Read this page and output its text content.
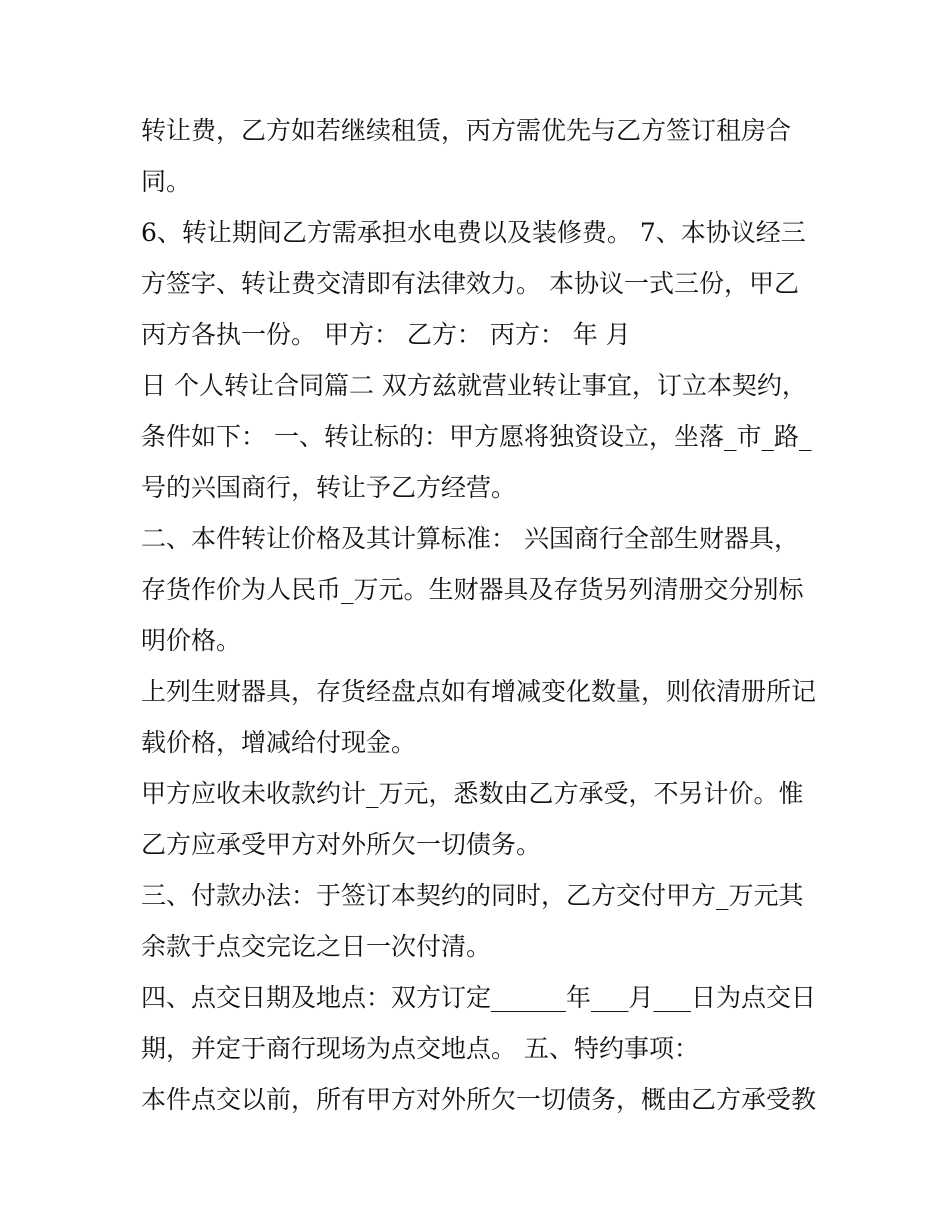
转让费，乙方如若继续租赁，丙方需优先与乙方签订租房合
同。
6、转让期间乙方需承担水电费以及装修费。 7、本协议经三
方签字、转让费交清即有法律效力。 本协议一式三份，甲乙
丙方各执一份。 甲方： 乙方： 丙方： 年 月
日 个人转让合同篇二 双方兹就营业转让事宜，订立本契约，
条件如下： 一、转让标的：甲方愿将独资设立，坐落_市_路_
号的兴国商行，转让予乙方经营。
二、本件转让价格及其计算标准： 兴国商行全部生财器具，
存货作价为人民币_万元。生财器具及存货另列清册交分别标
明价格。
上列生财器具，存货经盘点如有增减变化数量，则依清册所记
载价格，增减给付现金。
甲方应收未收款约计_万元，悉数由乙方承受，不另计价。惟
乙方应承受甲方对外所欠一切债务。
三、付款办法：于签订本契约的同时，乙方交付甲方_万元其
余款于点交完讫之日一次付清。
四、点交日期及地点：双方订定______年___月___日为点交日
期，并定于商行现场为点交地点。 五、特约事项：
本件点交以前，所有甲方对外所欠一切债务，概由乙方承受教
